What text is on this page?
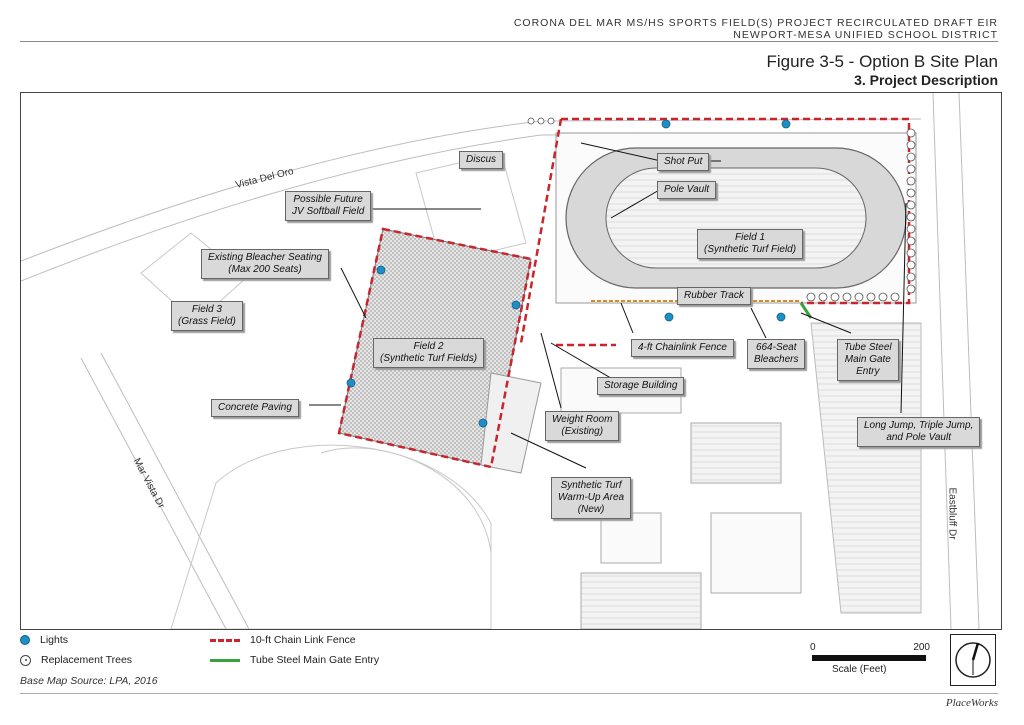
CORONA DEL MAR MS/HS SPORTS FIELD(S) PROJECT RECIRCULATED DRAFT EIR
NEWPORT-MESA UNIFIED SCHOOL DISTRICT
Figure 3-5 - Option B Site Plan
3. Project Description
Vista Del Oro
Mar Vista Dr
Eastbluff Dr
Discus	Shot Put
Pole Vault
Field 1
(Synthetic Turf Field)
Possible Future
JV Softball Field
Existing Bleacher Seating
(Max 200 Seats)
Field 3
(Grass Field)
Field 2
(Synthetic Turf Fields)
Rubber Track
4-ft Chainlink Fence	664-Seat
Bleachers
Tube Steel
Main Gate
Entry
Storage Building
Concrete Paving
Weight Room
(Existing)
Long Jump, Triple Jump,
and Pole Vault
Synthetic Turf
Warm-Up Area
(New)
Lights
Replacement Trees
10-ft Chain Link Fence
Tube Steel Main Gate Entry
Base Map Source: LPA, 2016
0	200
Scale (Feet)
PlaceWorks
